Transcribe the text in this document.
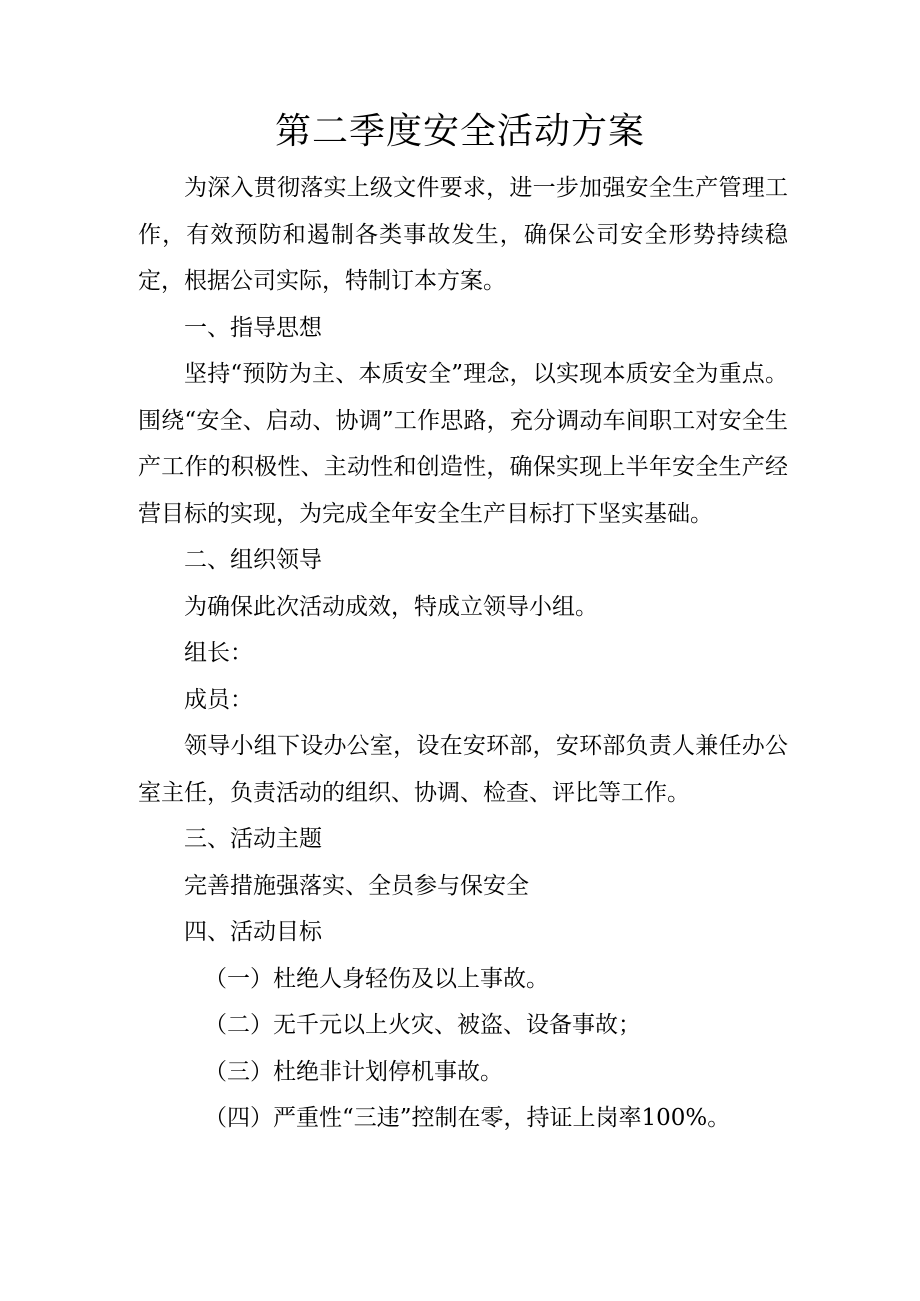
第二季度安全活动方案

为深入贯彻落实上级文件要求，进一步加强安全生产管理工作，有效预防和遏制各类事故发生，确保公司安全形势持续稳定，根据公司实际，特制订本方案。

一、指导思想

坚持“预防为主、本质安全”理念，以实现本质安全为重点。围绕“安全、启动、协调”工作思路，充分调动车间职工对安全生产工作的积极性、主动性和创造性，确保实现上半年安全生产经营目标的实现，为完成全年安全生产目标打下坚实基础。

二、组织领导

为确保此次活动成效，特成立领导小组。

组长：

成员：

领导小组下设办公室，设在安环部，安环部负责人兼任办公室主任，负责活动的组织、协调、检查、评比等工作。

三、活动主题

完善措施强落实、全员参与保安全

四、活动目标

（一）杜绝人身轻伤及以上事故。

（二）无千元以上火灾、被盗、设备事故；

（三）杜绝非计划停机事故。

（四）严重性“三违”控制在零，持证上岗率100%。
